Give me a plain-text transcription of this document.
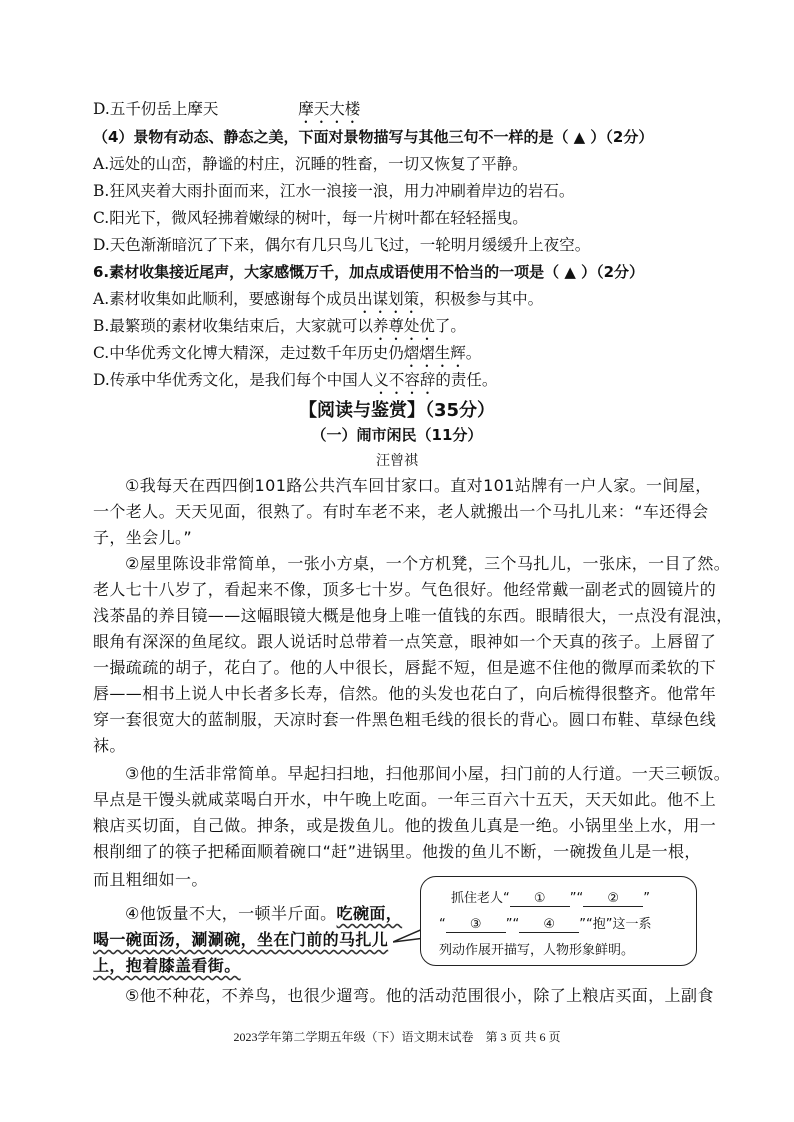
D.五千仞岳上摩天	摩天大楼
（4）景物有动态、静态之美，下面对景物描写与其他三句不一样的是（ ▲ ）（2分）
A.远处的山峦，静谧的村庄，沉睡的牲畜，一切又恢复了平静。
B.狂风夹着大雨扑面而来，江水一浪接一浪，用力冲刷着岸边的岩石。
C.阳光下，微风轻拂着嫩绿的树叶，每一片树叶都在轻轻摇曳。
D.天色渐渐暗沉了下来，偶尔有几只鸟儿飞过，一轮明月缓缓升上夜空。
6.素材收集接近尾声，大家感慨万千，加点成语使用不恰当的一项是（ ▲ ）（2分）
A.素材收集如此顺利，要感谢每个成员出谋划策，积极参与其中。
B.最繁琐的素材收集结束后，大家就可以养尊处优了。
C.中华优秀文化博大精深，走过数千年历史仍熠熠生辉。
D.传承中华优秀文化，是我们每个中国人义不容辞的责任。
【阅读与鉴赏】（35分）
（一）闹市闲民（11分）
汪曾祺
①我每天在西四倒101路公共汽车回甘家口。直对101站牌有一户人家。一间屋，
一个老人。天天见面，很熟了。有时车老不来，老人就搬出一个马扎儿来：“车还得会
子，坐会儿。”
②屋里陈设非常简单，一张小方桌，一个方机凳，三个马扎儿，一张床，一目了然。
老人七十八岁了，看起来不像，顶多七十岁。气色很好。他经常戴一副老式的圆镜片的
浅茶晶的养目镜——这幅眼镜大概是他身上唯一值钱的东西。眼睛很大，一点没有混浊，
眼角有深深的鱼尾纹。跟人说话时总带着一点笑意，眼神如一个天真的孩子。上唇留了
一撮疏疏的胡子，花白了。他的人中很长，唇髭不短，但是遮不住他的微厚而柔软的下
唇——相书上说人中长者多长寿，信然。他的头发也花白了，向后梳得很整齐。他常年
穿一套很宽大的蓝制服，天凉时套一件黑色粗毛线的很长的背心。圆口布鞋、草绿色线
袜。
③他的生活非常简单。早起扫扫地，扫他那间小屋，扫门前的人行道。一天三顿饭。
早点是干馒头就咸菜喝白开水，中午晚上吃面。一年三百六十五天，天天如此。他不上
粮店买切面，自己做。抻条，或是拨鱼儿。他的拨鱼儿真是一绝。小锅里坐上水，用一
根削细了的筷子把稀面顺着碗口“赶”进锅里。他拨的鱼儿不断，一碗拨鱼儿是一根，
而且粗细如一。
④他饭量不大，一顿半斤面。吃碗面，
喝一碗面汤，涮涮碗，坐在门前的马扎儿
上，抱着膝盖看街。
⑤他不种花，不养鸟，也很少遛弯。他的活动范围很小，除了上粮店买面，上副食
抓住老人“ ① ”“ ② ”
“ ③ ”“ ④ ”“抱”这一系
列动作展开描写，人物形象鲜明。
2023学年第二学期五年级（下）语文期末试卷　第 3 页 共 6 页
